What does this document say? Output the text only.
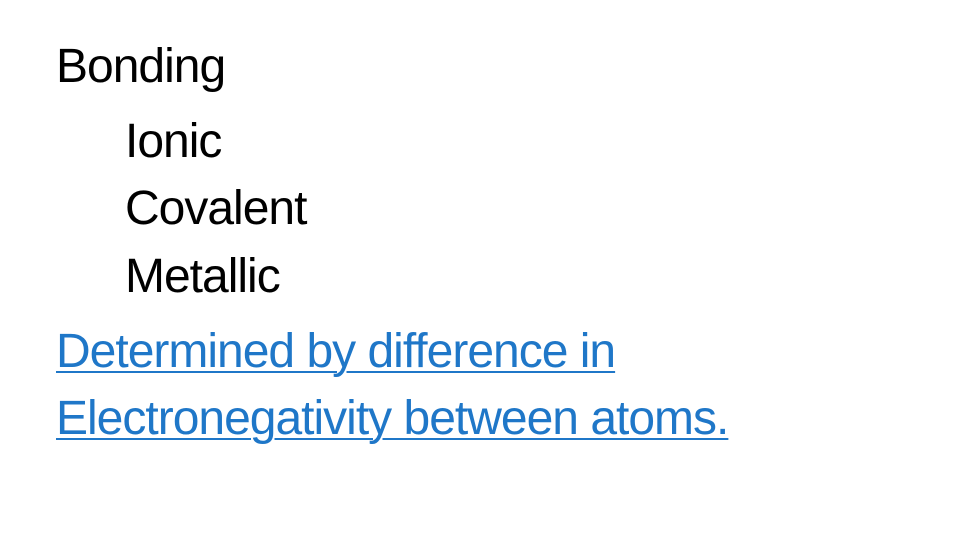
Bonding
Ionic
Covalent
Metallic
Determined by difference in
Electronegativity between atoms.
